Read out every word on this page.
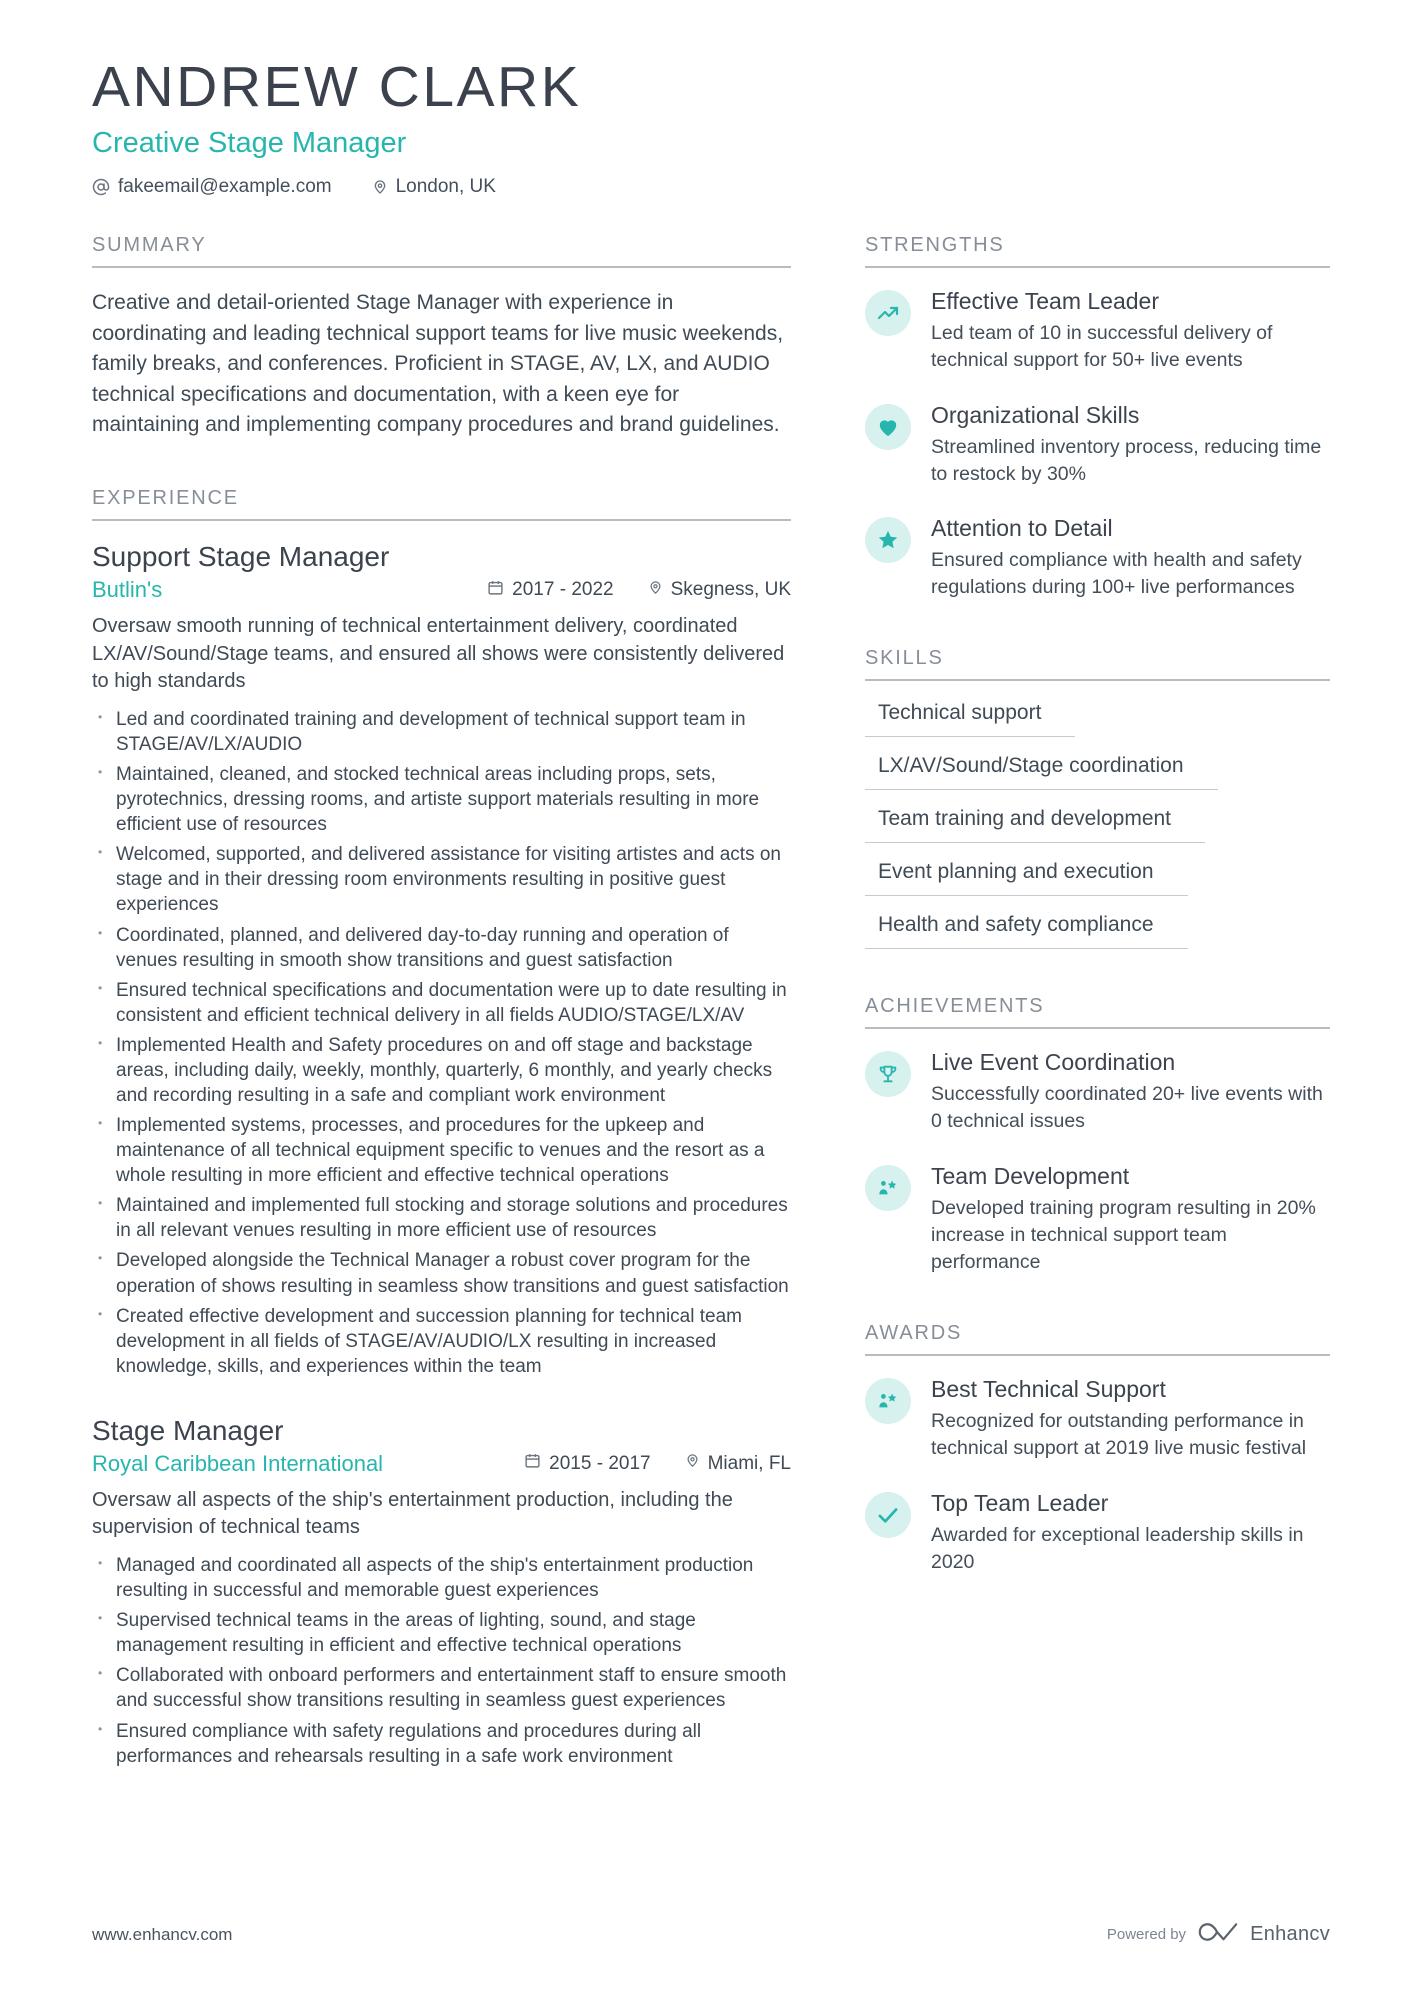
ANDREW CLARK
Creative Stage Manager
fakeemail@example.com	London, UK
SUMMARY

Creative and detail-oriented Stage Manager with experience in coordinating and leading technical support teams for live music weekends, family breaks, and conferences. Proficient in STAGE, AV, LX, and AUDIO technical specifications and documentation, with a keen eye for maintaining and implementing company procedures and brand guidelines.

EXPERIENCE
Support Stage Manager
Butlin's	2017 - 2022	Skegness, UK

Oversaw smooth running of technical entertainment delivery, coordinated LX/AV/Sound/Stage teams, and ensured all shows were consistently delivered to high standards

• Led and coordinated training and development of technical support team in STAGE/AV/LX/AUDIO
• Maintained, cleaned, and stocked technical areas including props, sets, pyrotechnics, dressing rooms, and artiste support materials resulting in more efficient use of resources
• Welcomed, supported, and delivered assistance for visiting artistes and acts on stage and in their dressing room environments resulting in positive guest experiences
• Coordinated, planned, and delivered day-to-day running and operation of venues resulting in smooth show transitions and guest satisfaction
• Ensured technical specifications and documentation were up to date resulting in consistent and efficient technical delivery in all fields AUDIO/STAGE/LX/AV
• Implemented Health and Safety procedures on and off stage and backstage areas, including daily, weekly, monthly, quarterly, 6 monthly, and yearly checks and recording resulting in a safe and compliant work environment
• Implemented systems, processes, and procedures for the upkeep and maintenance of all technical equipment specific to venues and the resort as a whole resulting in more efficient and effective technical operations
• Maintained and implemented full stocking and storage solutions and procedures in all relevant venues resulting in more efficient use of resources
• Developed alongside the Technical Manager a robust cover program for the operation of shows resulting in seamless show transitions and guest satisfaction
• Created effective development and succession planning for technical team development in all fields of STAGE/AV/AUDIO/LX resulting in increased knowledge, skills, and experiences within the team
Stage Manager
Royal Caribbean International	2015 - 2017	Miami, FL

Oversaw all aspects of the ship's entertainment production, including the supervision of technical teams

• Managed and coordinated all aspects of the ship's entertainment production resulting in successful and memorable guest experiences
• Supervised technical teams in the areas of lighting, sound, and stage management resulting in efficient and effective technical operations
• Collaborated with onboard performers and entertainment staff to ensure smooth and successful show transitions resulting in seamless guest experiences
• Ensured compliance with safety regulations and procedures during all performances and rehearsals resulting in a safe work environment
STRENGTHS
Effective Team Leader
Led team of 10 in successful delivery of technical support for 50+ live events
Organizational Skills
Streamlined inventory process, reducing time to restock by 30%
Attention to Detail
Ensured compliance with health and safety regulations during 100+ live performances
SKILLS
Technical support
LX/AV/Sound/Stage coordination
Team training and development
Event planning and execution
Health and safety compliance
ACHIEVEMENTS
Live Event Coordination
Successfully coordinated 20+ live events with 0 technical issues
Team Development
Developed training program resulting in 20% increase in technical support team performance
AWARDS
Best Technical Support
Recognized for outstanding performance in technical support at 2019 live music festival
Top Team Leader
Awarded for exceptional leadership skills in 2020
www.enhancv.com	Powered by	Enhancv
